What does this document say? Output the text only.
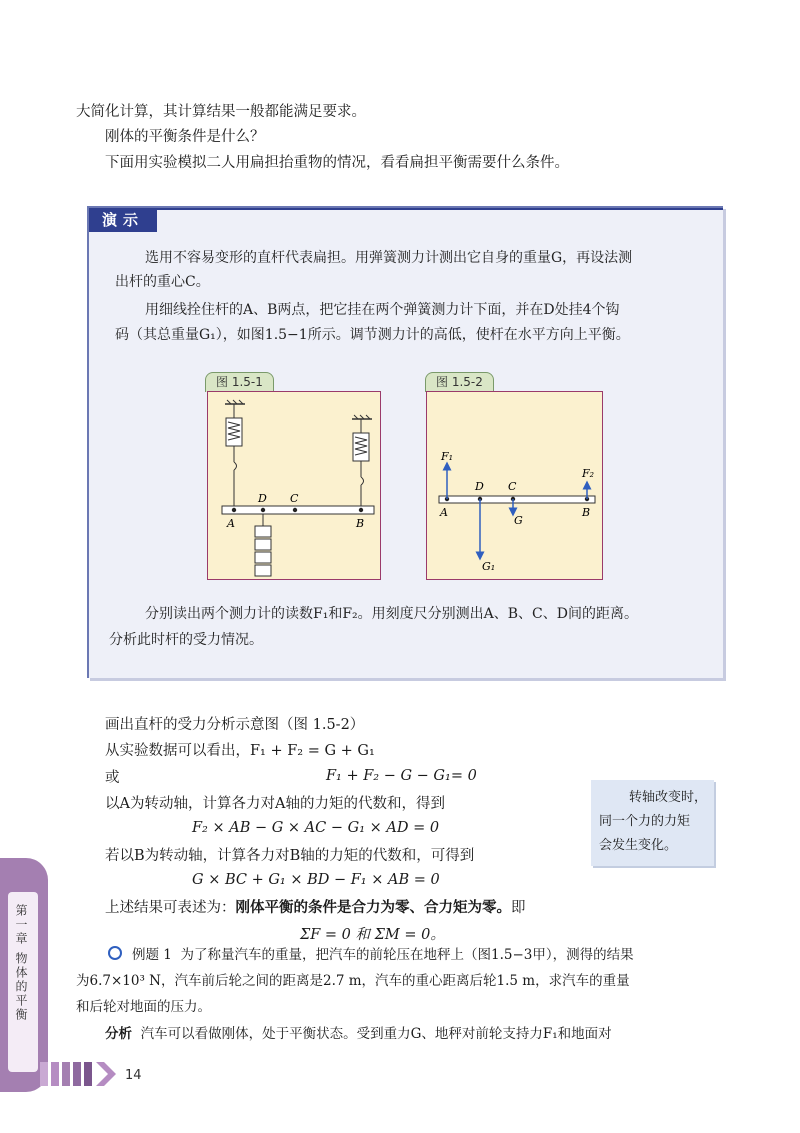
大简化计算，其计算结果一般都能满足要求。
刚体的平衡条件是什么？
下面用实验模拟二人用扁担抬重物的情况，看看扁担平衡需要什么条件。
演示
选用不容易变形的直杆代表扁担。用弹簧测力计测出它自身的重量G，再设法测
出杆的重心C。
用细线拴住杆的A、B两点，把它挂在两个弹簧测力计下面，并在D处挂4个钩
码（其总重量G₁），如图1.5−1所示。调节测力计的高低，使杆在水平方向上平衡。
图 1.5-1
A
D C
B
图 1.5-2
F₁
F₂
G
G₁
A
D C
B
分别读出两个测力计的读数F₁和F₂。用刻度尺分别测出A、B、C、D间的距离。
分析此时杆的受力情况。
画出直杆的受力分析示意图（图 1.5-2）
从实验数据可以看出，F₁ + F₂ = G + G₁
或	F₁ + F₂ − G − G₁= 0
以A为转动轴，计算各力对A轴的力矩的代数和，得到
F₂ × AB − G × AC − G₁ × AD = 0
若以B为转动轴，计算各力对B轴的力矩的代数和，可得到
G × BC + G₁ × BD − F₁ × AB = 0
上述结果可表述为：刚体平衡的条件是合力为零、合力矩为零。即
ΣF = 0 和 ΣM = 0。
转轴改变时，
同一个力的力矩
会发生变化。
例题 1 为了称量汽车的重量，把汽车的前轮压在地秤上（图1.5−3甲），测得的结果
为6.7×10³ N，汽车前后轮之间的距离是2.7 m，汽车的重心距离后轮1.5 m，求汽车的重量
和后轮对地面的压力。
分析 汽车可以看做刚体，处于平衡状态。受到重力G、地秤对前轮支持力F₁和地面对
第一章 物体的平衡
14
